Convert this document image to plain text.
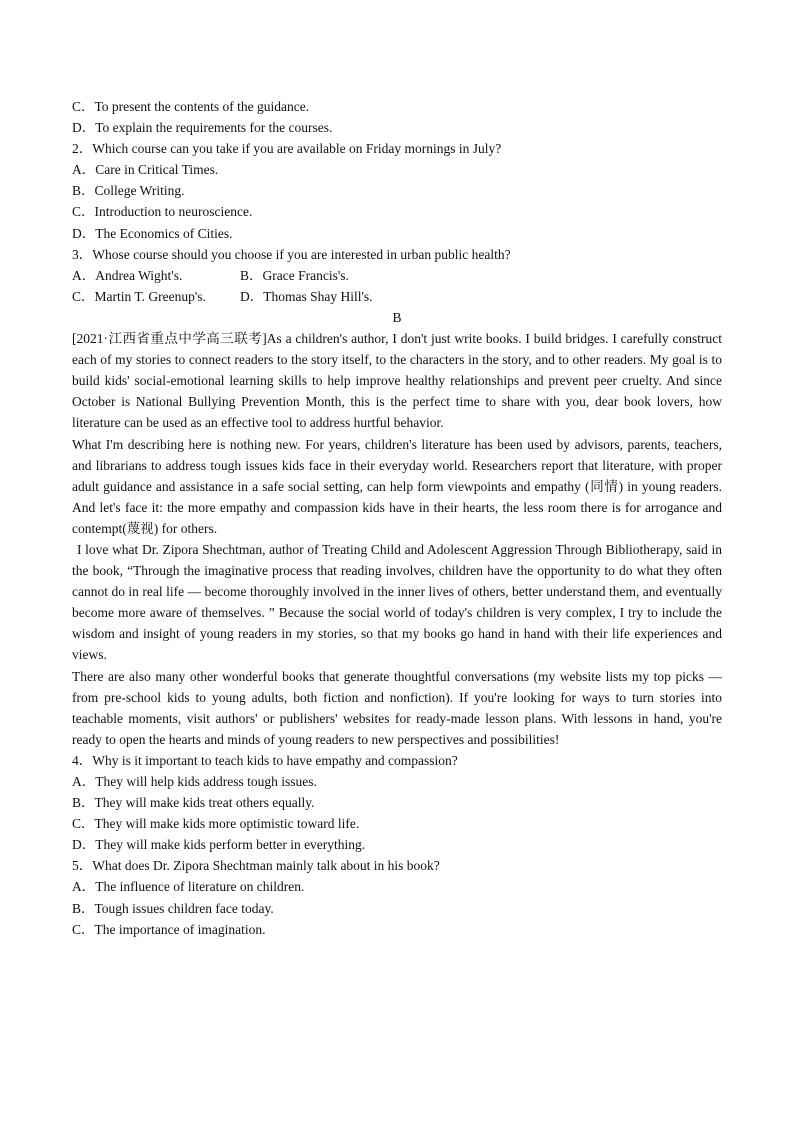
C．To present the contents of the guidance.
D．To explain the requirements for the courses.
2．Which course can you take if you are available on Friday mornings in July?
A．Care in Critical Times.
B．College Writing.
C．Introduction to neuroscience.
D．The Economics of Cities.
3．Whose course should you choose if you are interested in urban public health?
A．Andrea Wight's.	B．Grace Francis's.
C．Martin T. Greenup's.	D．Thomas Shay Hill's.
B
[2021·江西省重点中学高三联考]As a children's author, I don't just write books. I build bridges. I carefully construct each of my stories to connect readers to the story itself, to the characters in the story, and to other readers. My goal is to build kids' social-emotional learning skills to help improve healthy relationships and prevent peer cruelty. And since October is National Bullying Prevention Month, this is the perfect time to share with you, dear book lovers, how literature can be used as an effective tool to address hurtful behavior.
What I'm describing here is nothing new. For years, children's literature has been used by advisors, parents, teachers, and librarians to address tough issues kids face in their everyday world. Researchers report that literature, with proper adult guidance and assistance in a safe social setting, can help form viewpoints and empathy (同情) in young readers. And let's face it: the more empathy and compassion kids have in their hearts, the less room there is for arrogance and contempt(蔑视) for others.
I love what Dr. Zipora Shechtman, author of Treating Child and Adolescent Aggression Through Bibliotherapy, said in the book, “Through the imaginative process that reading involves, children have the opportunity to do what they often cannot do in real life — become thoroughly involved in the inner lives of others, better understand them, and eventually become more aware of themselves. ” Because the social world of today's children is very complex, I try to include the wisdom and insight of young readers in my stories, so that my books go hand in hand with their life experiences and views.
There are also many other wonderful books that generate thoughtful conversations (my website lists my top picks — from pre-school kids to young adults, both fiction and nonfiction). If you're looking for ways to turn stories into teachable moments, visit authors' or publishers' websites for ready-made lesson plans. With lessons in hand, you're ready to open the hearts and minds of young readers to new perspectives and possibilities!
4．Why is it important to teach kids to have empathy and compassion?
A．They will help kids address tough issues.
B．They will make kids treat others equally.
C．They will make kids more optimistic toward life.
D．They will make kids perform better in everything.
5．What does Dr. Zipora Shechtman mainly talk about in his book?
A．The influence of literature on children.
B．Tough issues children face today.
C．The importance of imagination.
